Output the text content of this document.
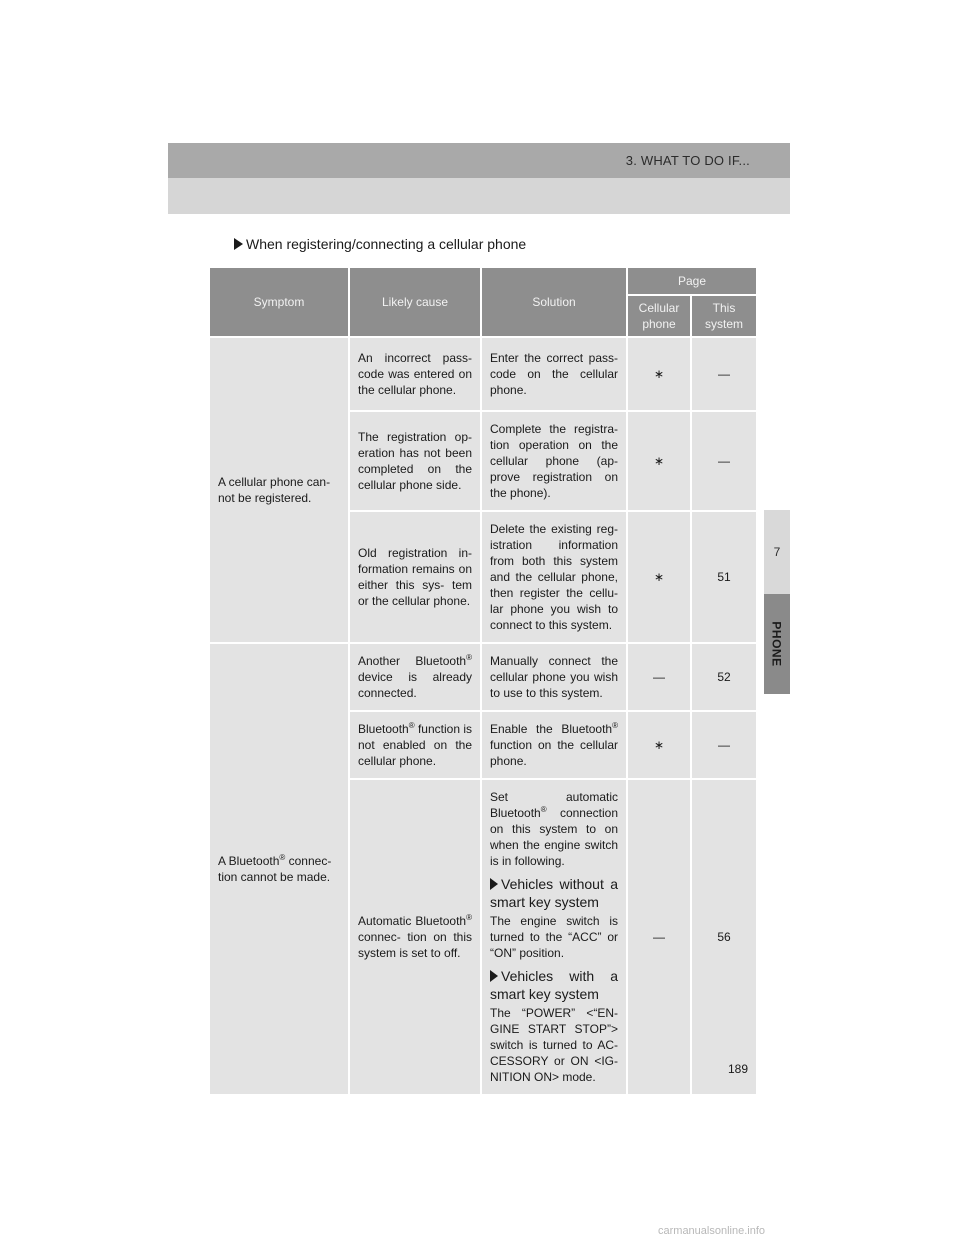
3. WHAT TO DO IF...
7
PHONE
When registering/connecting a cellular phone
Symptom	Likely cause	Solution	Page	
			Cellular phone	This system
A cellular phone can- not be registered.	An incorrect pass- code was entered on the cellular phone.	Enter the correct pass- code on the cellular phone.	∗	—
	The registration op- eration has not been completed on the cellular phone side.	Complete the registra- tion operation on the cellular phone (ap- prove registration on the phone).	∗	—
	Old registration in- formation remains on either this sys- tem or the cellular phone.	Delete the existing reg- istration information from both this system and the cellular phone, then register the cellu- lar phone you wish to connect to this system.	∗	51
A Bluetooth® connec- tion cannot be made.	Another Bluetooth® device is already connected.	Manually connect the cellular phone you wish to use to this system.	—	52
	Bluetooth® function is not enabled on the cellular phone.	Enable the Bluetooth® function on the cellular phone.	∗	—
	Automatic Bluetooth® connec- tion on this system is set to off.	Set automatic Bluetooth® connection on this system to on when the engine switch is in following.
Vehicles without a smart key system
The engine switch is turned to the “ACC” or “ON” position.
Vehicles with a smart key system
The “POWER” <“EN- GINE START STOP”> switch is turned to AC- CESSORY or ON <IG- NITION ON> mode.	—	56
189
carmanualsonline.info
